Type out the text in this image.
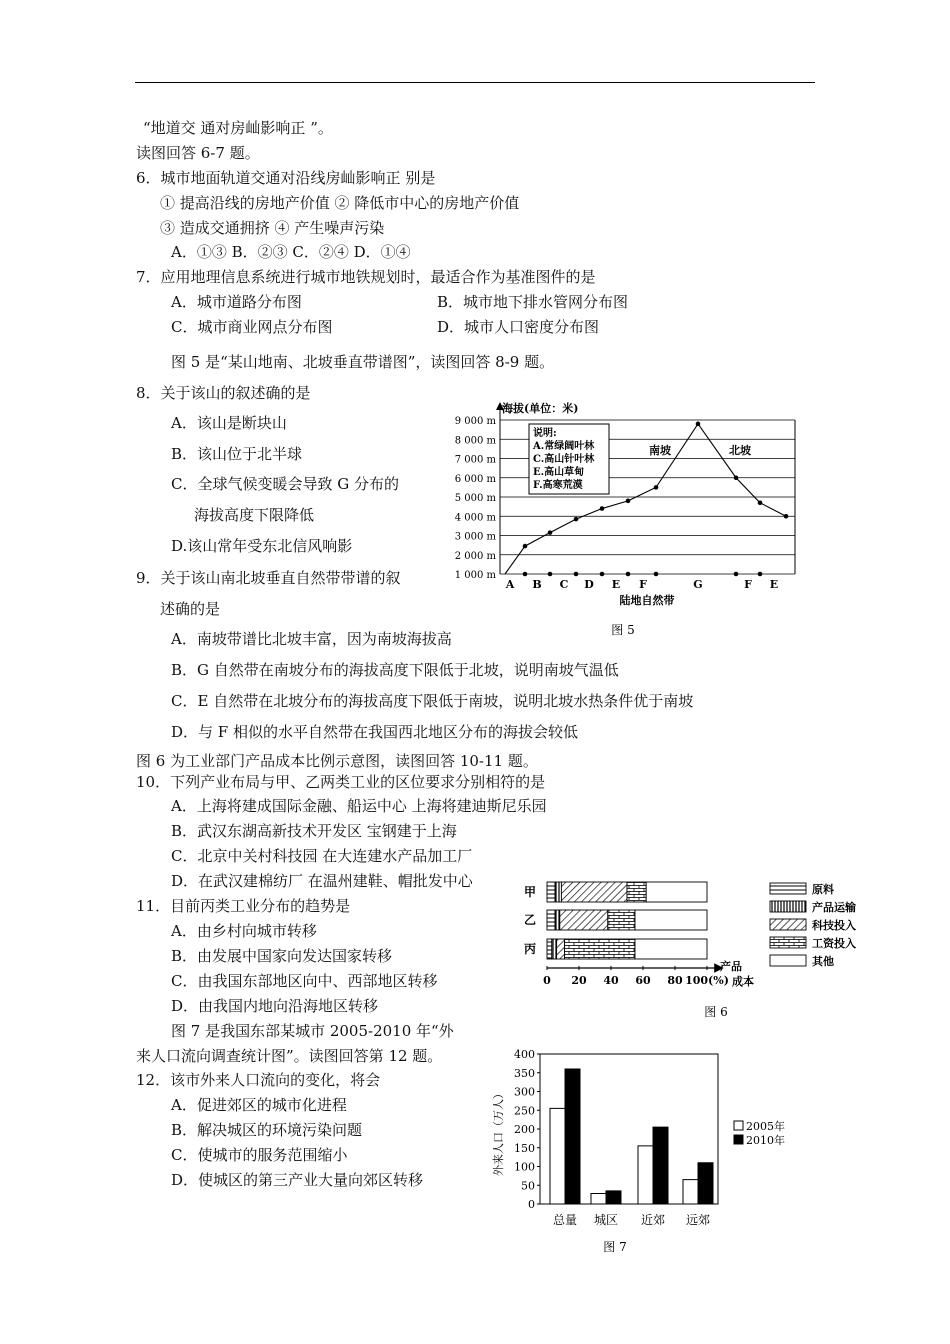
“地道交 通对房屾影响正 ”。
读图回答 6-7 题。
6．城市地面轨道交通对沿线房屾影响正 别是
① 提高沿线的房地产价值 ② 降低市中心的房地产价值
③ 造成交通拥挤 ④ 产生噪声污染
A．①③ B．②③ C．②④ D．①④
7．应用地理信息系统进行城市地铁规划时，最适合作为基准图件的是
A．城市道路分布图	B．城市地下排水管网分布图
C．城市商业网点分布图	D．城市人口密度分布图
图 5 是“某山地南、北坡垂直带谱图”，读图回答 8-9 题。
8．关于该山的叙述确的是
A．该山是断块山
B．该山位于北半球
C．全球气候变暖会导致 G 分布的
海拔高度下限降低
D.该山常年受东北信风响影
9．关于该山南北坡垂直自然带带谱的叙
述确的是
A．南坡带谱比北坡丰富，因为南坡海拔高
B．G 自然带在南坡分布的海拔高度下限低于北坡，说明南坡气温低
C．E 自然带在北坡分布的海拔高度下限低于南坡，说明北坡水热条件优于南坡
D．与 F 相似的水平自然带在我国西北地区分布的海拔会较低
图 6 为工业部门产品成本比例示意图，读图回答 10-11 题。
10．下列产业布局与甲、乙两类工业的区位要求分别相符的是
A．上海将建成国际金融、船运中心 上海将建迪斯尼乐园
B．武汉东湖高新技术开发区 宝钢建于上海
C．北京中关村科技园 在大连建水产品加工厂
D．在武汉建棉纺厂 在温州建鞋、帽批发中心
11．目前丙类工业分布的趋势是
A．由乡村向城市转移
B．由发展中国家向发达国家转移
C．由我国东部地区向中、西部地区转移
D．由我国内地向沿海地区转移
图 7 是我国东部某城市 2005-2010 年“外
来人口流向调查统计图”。读图回答第 12 题。
12．该市外来人口流向的变化，将会
A．促进郊区的城市化进程
B．解决城区的环境污染问题
C．使城市的服务范围缩小
D．使城区的第三产业大量向郊区转移
1 000 m
2 000 m
3 000 m
4 000 m
5 000 m
6 000 m
7 000 m
8 000 m
9 000 m
海拔(单位：米)
A B C D E F	G	F E
陆地自然带
图 5
说明:
A.常绿阔叶林
C.高山针叶林
E.高山草甸
F.高寒荒漠
南坡	北坡
甲
乙
丙
0 20 40 60 80 100(%)
产品
成本
原料
产品运输
科技投入
工资投入
其他
图 6
0
50
100
150
200
250
300
350
400
外来人口（万人）
总量 城区 近郊 远郊
2005年
2010年
图 7
